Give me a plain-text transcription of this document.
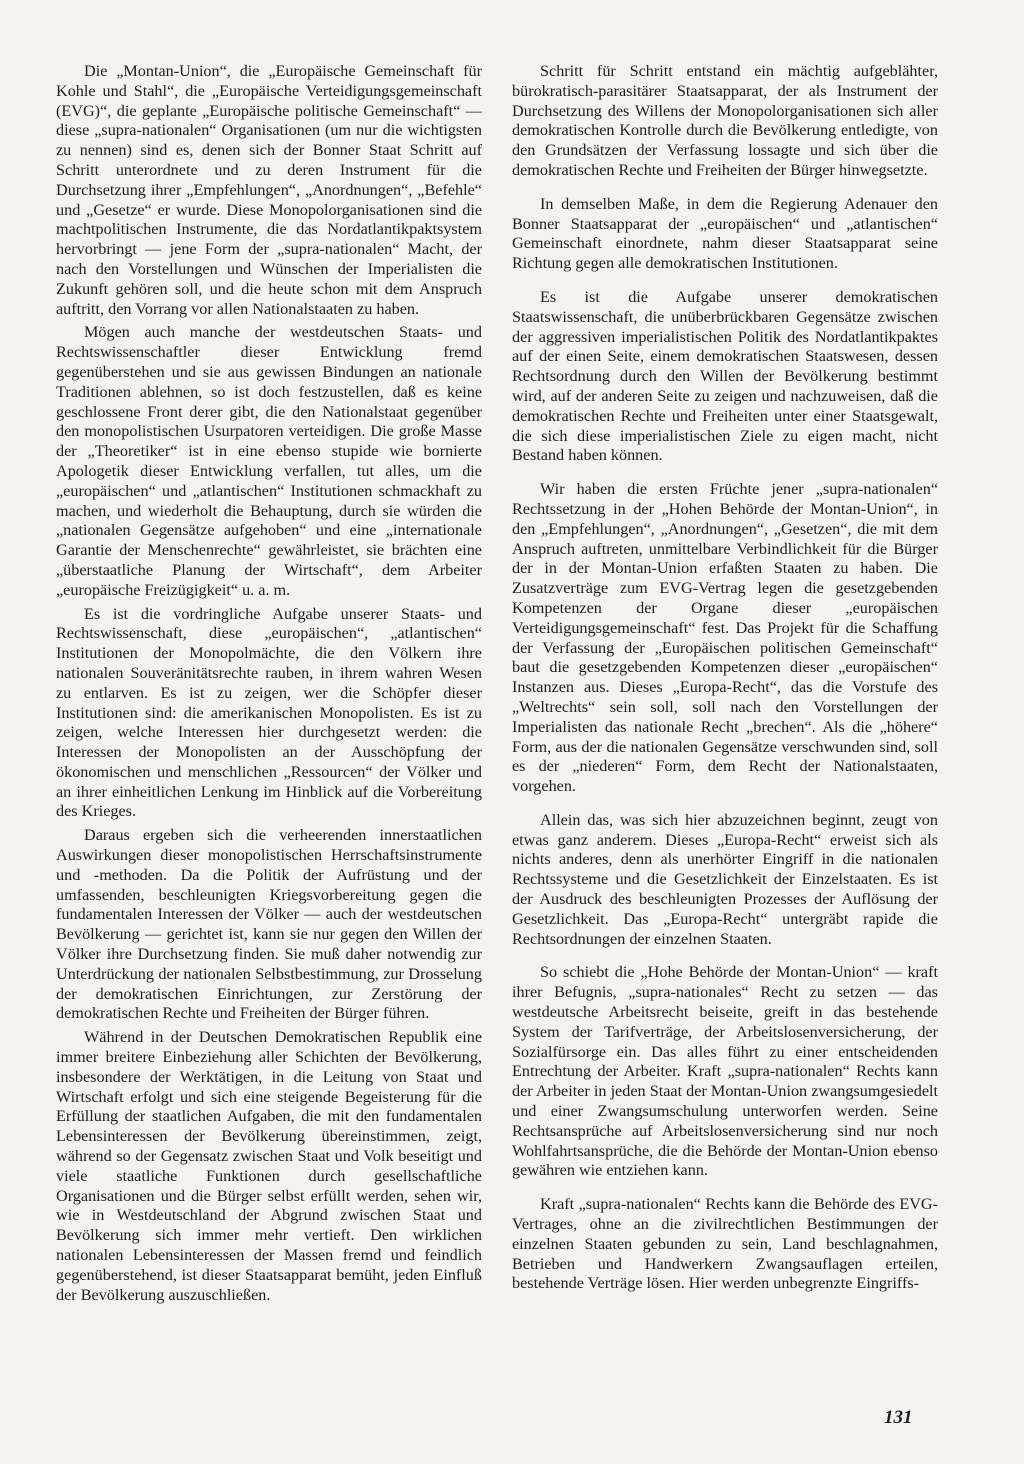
Die „Montan-Union“, die „Europäische Gemeinschaft für Kohle und Stahl“, die „Europäische Verteidigungsgemeinschaft (EVG)“, die geplante „Europäische politische Gemeinschaft“ — diese „supra-nationalen“ Organisationen (um nur die wichtigsten zu nennen) sind es, denen sich der Bonner Staat Schritt auf Schritt unterordnete und zu deren Instrument für die Durchsetzung ihrer „Empfehlungen“, „Anordnungen“, „Befehle“ und „Gesetze“ er wurde. Diese Monopolorganisationen sind die machtpolitischen Instrumente, die das Nordatlantikpaktsystem hervorbringt — jene Form der „supra-nationalen“ Macht, der nach den Vorstellungen und Wünschen der Imperialisten die Zukunft gehören soll, und die heute schon mit dem Anspruch auftritt, den Vorrang vor allen Nationalstaaten zu haben.

Mögen auch manche der westdeutschen Staats- und Rechtswissenschaftler dieser Entwicklung fremd gegenüberstehen und sie aus gewissen Bindungen an nationale Traditionen ablehnen, so ist doch festzustellen, daß es keine geschlossene Front derer gibt, die den Nationalstaat gegenüber den monopolistischen Usurpatoren verteidigen. Die große Masse der „Theoretiker“ ist in eine ebenso stupide wie bornierte Apologetik dieser Entwicklung verfallen, tut alles, um die „europäischen“ und „atlantischen“ Institutionen schmackhaft zu machen, und wiederholt die Behauptung, durch sie würden die „nationalen Gegensätze aufgehoben“ und eine „internationale Garantie der Menschenrechte“ gewährleistet, sie brächten eine „überstaatliche Planung der Wirtschaft“, dem Arbeiter „europäische Freizügigkeit“ u. a. m.

Es ist die vordringliche Aufgabe unserer Staats- und Rechtswissenschaft, diese „europäischen“, „atlantischen“ Institutionen der Monopolmächte, die den Völkern ihre nationalen Souveränitätsrechte rauben, in ihrem wahren Wesen zu entlarven. Es ist zu zeigen, wer die Schöpfer dieser Institutionen sind: die amerikanischen Monopolisten. Es ist zu zeigen, welche Interessen hier durchgesetzt werden: die Interessen der Monopolisten an der Ausschöpfung der ökonomischen und menschlichen „Ressourcen“ der Völker und an ihrer einheitlichen Lenkung im Hinblick auf die Vorbereitung des Krieges.

Daraus ergeben sich die verheerenden innerstaatlichen Auswirkungen dieser monopolistischen Herrschaftsinstrumente und -methoden. Da die Politik der Aufrüstung und der umfassenden, beschleunigten Kriegsvorbereitung gegen die fundamentalen Interessen der Völker — auch der westdeutschen Bevölkerung — gerichtet ist, kann sie nur gegen den Willen der Völker ihre Durchsetzung finden. Sie muß daher notwendig zur Unterdrückung der nationalen Selbstbestimmung, zur Drosselung der demokratischen Einrichtungen, zur Zerstörung der demokratischen Rechte und Freiheiten der Bürger führen.

Während in der Deutschen Demokratischen Republik eine immer breitere Einbeziehung aller Schichten der Bevölkerung, insbesondere der Werktätigen, in die Leitung von Staat und Wirtschaft erfolgt und sich eine steigende Begeisterung für die Erfüllung der staatlichen Aufgaben, die mit den fundamentalen Lebensinteressen der Bevölkerung übereinstimmen, zeigt, während so der Gegensatz zwischen Staat und Volk beseitigt und viele staatliche Funktionen durch gesellschaftliche Organisationen und die Bürger selbst erfüllt werden, sehen wir, wie in Westdeutschland der Abgrund zwischen Staat und Bevölkerung sich immer mehr vertieft. Den wirklichen nationalen Lebensinteressen der Massen fremd und feindlich gegenüberstehend, ist dieser Staatsapparat bemüht, jeden Einfluß der Bevölkerung auszuschließen.

Schritt für Schritt entstand ein mächtig aufgeblähter, bürokratisch-parasitärer Staatsapparat, der als Instrument der Durchsetzung des Willens der Monopolorganisationen sich aller demokratischen Kontrolle durch die Bevölkerung entledigte, von den Grundsätzen der Verfassung lossagte und sich über die demokratischen Rechte und Freiheiten der Bürger hinwegsetzte.

In demselben Maße, in dem die Regierung Adenauer den Bonner Staatsapparat der „europäischen“ und „atlantischen“ Gemeinschaft einordnete, nahm dieser Staatsapparat seine Richtung gegen alle demokratischen Institutionen.

Es ist die Aufgabe unserer demokratischen Staatswissenschaft, die unüberbrückbaren Gegensätze zwischen der aggressiven imperialistischen Politik des Nordatlantikpaktes auf der einen Seite, einem demokratischen Staatswesen, dessen Rechtsordnung durch den Willen der Bevölkerung bestimmt wird, auf der anderen Seite zu zeigen und nachzuweisen, daß die demokratischen Rechte und Freiheiten unter einer Staatsgewalt, die sich diese imperialistischen Ziele zu eigen macht, nicht Bestand haben können.

Wir haben die ersten Früchte jener „supra-nationalen“ Rechtssetzung in der „Hohen Behörde der Montan-Union“, in den „Empfehlungen“, „Anordnungen“, „Gesetzen“, die mit dem Anspruch auftreten, unmittelbare Verbindlichkeit für die Bürger der in der Montan-Union erfaßten Staaten zu haben. Die Zusatzverträge zum EVG-Vertrag legen die gesetzgebenden Kompetenzen der Organe dieser „europäischen Verteidigungsgemeinschaft“ fest. Das Projekt für die Schaffung der Verfassung der „Europäischen politischen Gemeinschaft“ baut die gesetzgebenden Kompetenzen dieser „europäischen“ Instanzen aus. Dieses „Europa-Recht“, das die Vorstufe des „Weltrechts“ sein soll, soll nach den Vorstellungen der Imperialisten das nationale Recht „brechen“. Als die „höhere“ Form, aus der die nationalen Gegensätze verschwunden sind, soll es der „niederen“ Form, dem Recht der Nationalstaaten, vorgehen.

Allein das, was sich hier abzuzeichnen beginnt, zeugt von etwas ganz anderem. Dieses „Europa-Recht“ erweist sich als nichts anderes, denn als unerhörter Eingriff in die nationalen Rechtssysteme und die Gesetzlichkeit der Einzelstaaten. Es ist der Ausdruck des beschleunigten Prozesses der Auflösung der Gesetzlichkeit. Das „Europa-Recht“ untergräbt rapide die Rechtsordnungen der einzelnen Staaten.

So schiebt die „Hohe Behörde der Montan-Union“ — kraft ihrer Befugnis, „supra-nationales“ Recht zu setzen — das westdeutsche Arbeitsrecht beiseite, greift in das bestehende System der Tarifverträge, der Arbeitslosenversicherung, der Sozialfürsorge ein. Das alles führt zu einer entscheidenden Entrechtung der Arbeiter. Kraft „supra-nationalen“ Rechts kann der Arbeiter in jeden Staat der Montan-Union zwangsumgesiedelt und einer Zwangsumschulung unterworfen werden. Seine Rechtsansprüche auf Arbeitslosenversicherung sind nur noch Wohlfahrtsansprüche, die die Behörde der Montan-Union ebenso gewähren wie entziehen kann.

Kraft „supra-nationalen“ Rechts kann die Behörde des EVG-Vertrages, ohne an die zivilrechtlichen Bestimmungen der einzelnen Staaten gebunden zu sein, Land beschlagnahmen, Betrieben und Handwerkern Zwangsauflagen erteilen, bestehende Verträge lösen. Hier werden unbegrenzte Eingriffs-

131
